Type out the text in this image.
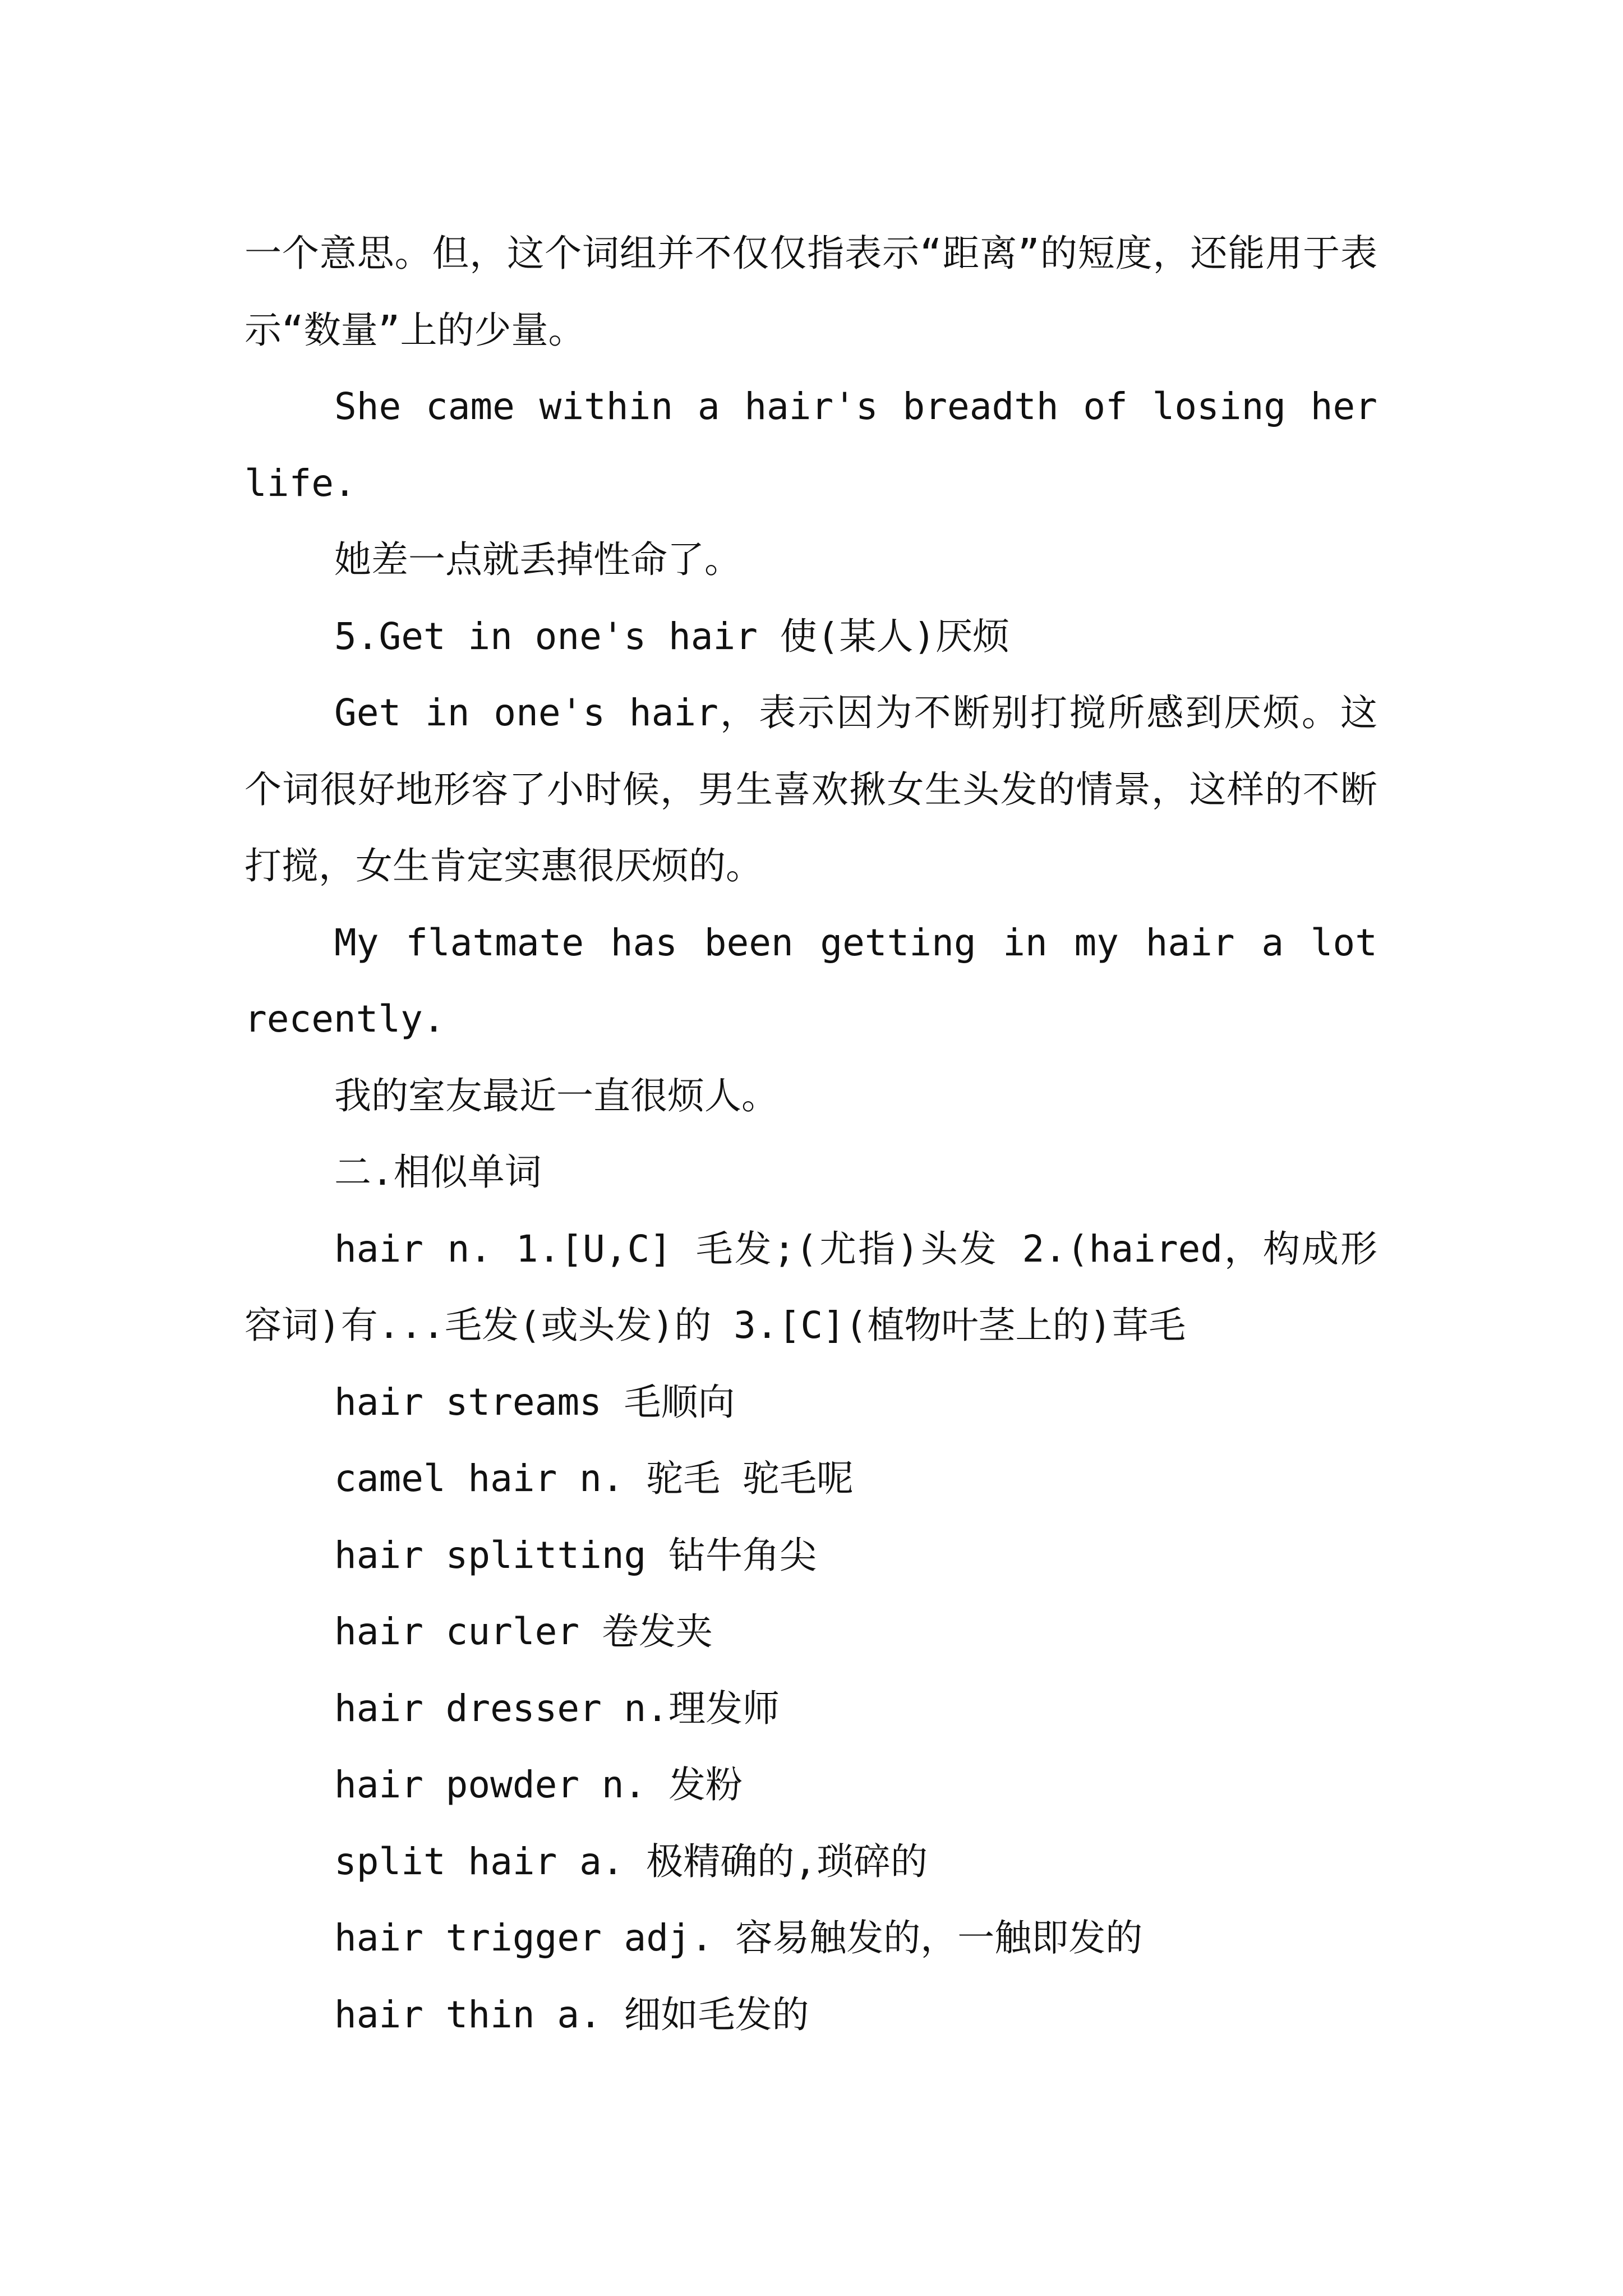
一个意思。但，这个词组并不仅仅指表示“距离”的短度，还能用于表示“数量”上的少量。

She came within a hair's breadth of losing her life.

她差一点就丢掉性命了。

5.Get in one's hair 使(某人)厌烦

Get in one's hair，表示因为不断别打搅所感到厌烦。这个词很好地形容了小时候，男生喜欢揪女生头发的情景，这样的不断打搅，女生肯定实惠很厌烦的。

My flatmate has been getting in my hair a lot recently.

我的室友最近一直很烦人。

二.相似单词

hair n. 1.[U,C] 毛发;(尤指)头发 2.(haired，构成形容词)有...毛发(或头发)的 3.[C](植物叶茎上的)茸毛

hair streams 毛顺向

camel hair n. 驼毛 驼毛呢

hair splitting 钻牛角尖

hair curler 卷发夹

hair dresser n.理发师

hair powder n. 发粉

split hair a. 极精确的,琐碎的

hair trigger adj. 容易触发的，一触即发的

hair thin a. 细如毛发的
